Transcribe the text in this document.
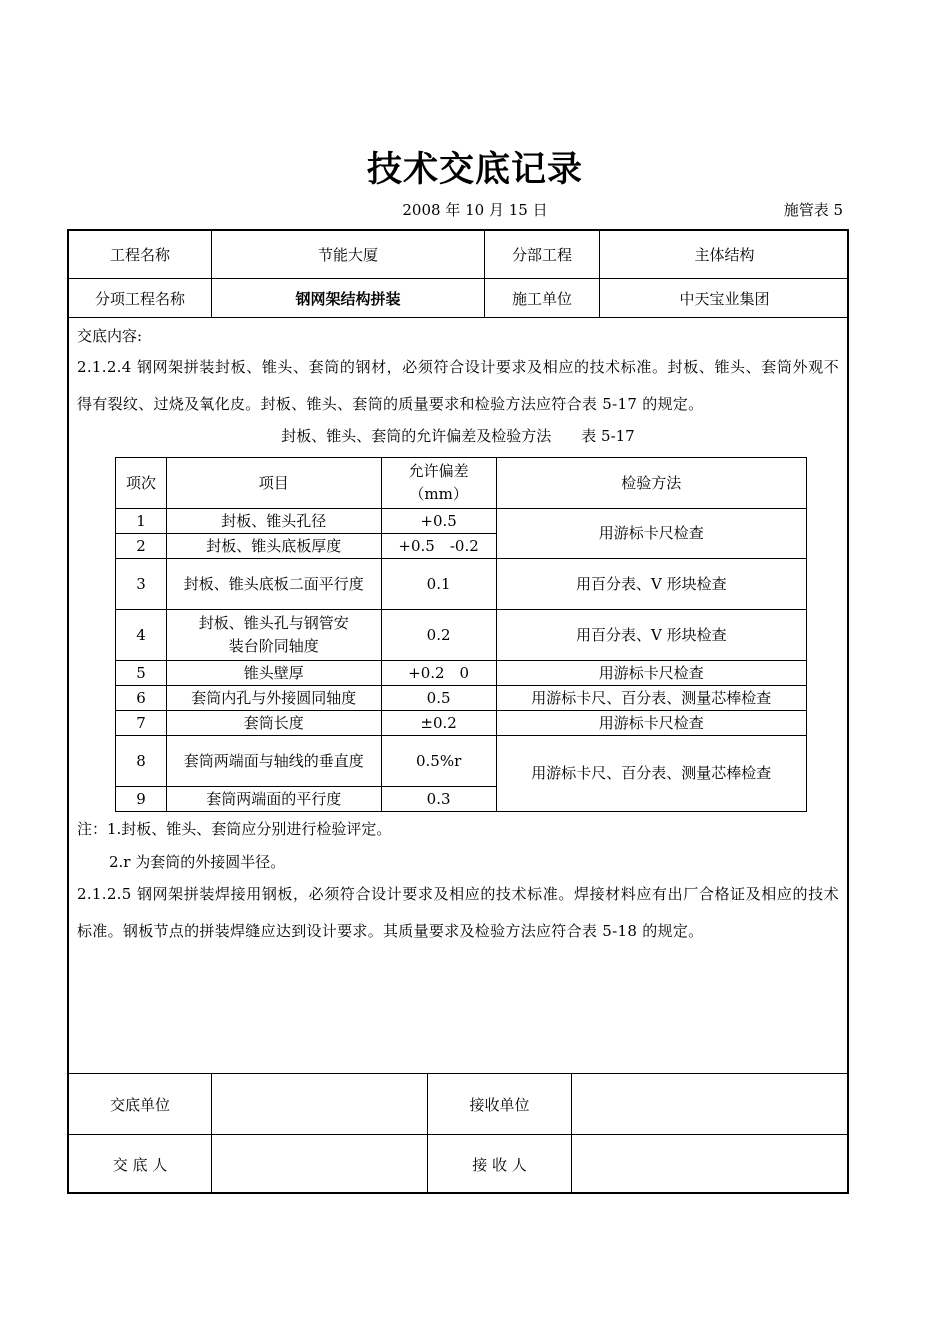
技术交底记录
2008 年 10 月 15 日	施管表 5
工程名称	节能大厦	分部工程	主体结构
分项工程名称	钢网架结构拼装	施工单位	中天宝业集团
交底内容:
2.1.2.4 钢网架拼装封板、锥头、套筒的钢材，必须符合设计要求及相应的技术标准。封板、锥头、套筒外观不得有裂纹、过烧及氧化皮。封板、锥头、套筒的质量要求和检验方法应符合表 5-17 的规定。
封板、锥头、套筒的允许偏差及检验方法　　表 5-17
项次	项目	允许偏差（mm）	检验方法
1	封板、锥头孔径	+0.5	用游标卡尺检查
2	封板、锥头底板厚度	+0.5　-0.2	
3	封板、锥头底板二面平行度	0.1	用百分表、V 形块检查
4	封板、锥头孔与钢管安装台阶同轴度	0.2	用百分表、V 形块检查
5	锥头壁厚	+0.2　0	用游标卡尺检查
6	套筒内孔与外接圆同轴度	0.5	用游标卡尺、百分表、测量芯棒检查
7	套筒长度	±0.2	用游标卡尺检查
8	套筒两端面与轴线的垂直度	0.5%r	用游标卡尺、百分表、测量芯棒检查
9	套筒两端面的平行度	0.3	
注：1.封板、锥头、套筒应分别进行检验评定。
2.r 为套筒的外接圆半径。
2.1.2.5 钢网架拼装焊接用钢板，必须符合设计要求及相应的技术标准。焊接材料应有出厂合格证及相应的技术标准。钢板节点的拼装焊缝应达到设计要求。其质量要求及检验方法应符合表 5-18 的规定。
交底单位	接收单位
交 底 人	接 收 人
